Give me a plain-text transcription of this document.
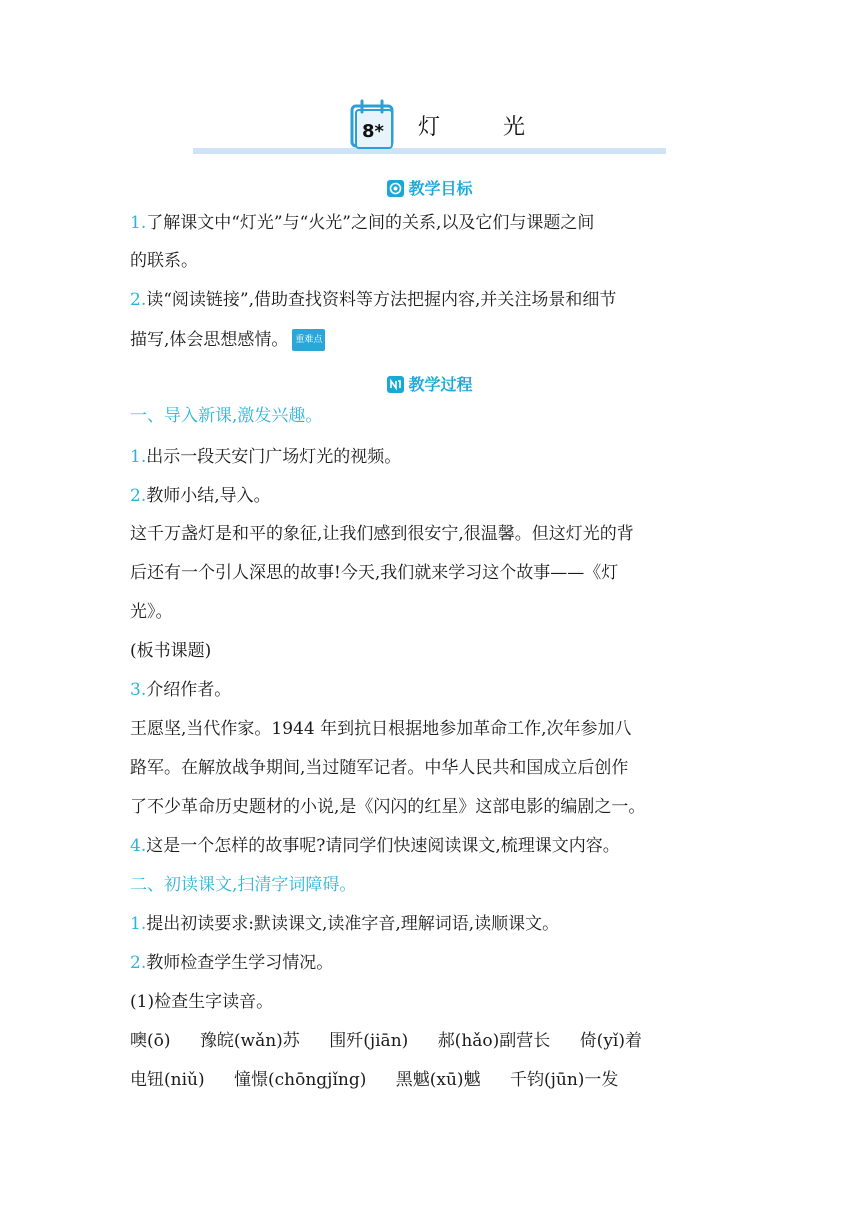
8* 灯 光
教学目标
1.了解课文中“灯光”与“火光”之间的关系,以及它们与课题之间
的联系。
2.读“阅读链接”,借助查找资料等方法把握内容,并关注场景和细节
描写,体会思想感情。 重难点
教学过程
一、导入新课,激发兴趣。
1.出示一段天安门广场灯光的视频。
2.教师小结,导入。
这千万盏灯是和平的象征,让我们感到很安宁,很温馨。但这灯光的背
后还有一个引人深思的故事!今天,我们就来学习这个故事——《灯
光》。
(板书课题)
3.介绍作者。
王愿坚,当代作家。1944 年到抗日根据地参加革命工作,次年参加八
路军。在解放战争期间,当过随军记者。中华人民共和国成立后创作
了不少革命历史题材的小说,是《闪闪的红星》这部电影的编剧之一。
4.这是一个怎样的故事呢?请同学们快速阅读课文,梳理课文内容。
二、初读课文,扫清字词障碍。
1.提出初读要求:默读课文,读准字音,理解词语,读顺课文。
2.教师检查学生学习情况。
(1)检查生字读音。
噢(ō) 豫皖(wǎn)苏 围歼(jiān) 郝(hǎo)副营长 倚(yǐ)着
电钮(niǔ) 憧憬(chōngjǐng) 黑魆(xū)魆 千钧(jūn)一发
